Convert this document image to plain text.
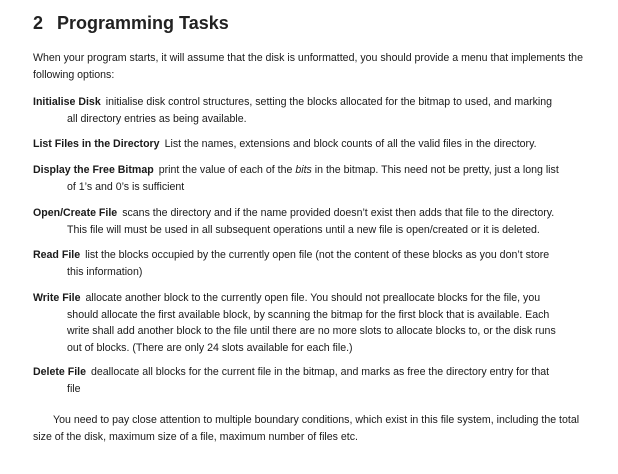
2 Programming Tasks

When your program starts, it will assume that the disk is unformatted, you should provide a menu that implements the following options:

Initialise Disk initialise disk control structures, setting the blocks allocated for the bitmap to used, and marking
all directory entries as being available.

List Files in the Directory List the names, extensions and block counts of all the valid files in the directory.

Display the Free Bitmap print the value of each of the bits in the bitmap. This need not be pretty, just a long list
of 1’s and 0’s is sufficient

Open/Create File scans the directory and if the name provided doesn’t exist then adds that file to the directory.
This file will must be used in all subsequent operations until a new file is open/created or it is deleted.

Read File list the blocks occupied by the currently open file (not the content of these blocks as you don’t store
this information)

Write File allocate another block to the currently open file. You should not preallocate blocks for the file, you
should allocate the first available block, by scanning the bitmap for the first block that is available. Each
write shall add another block to the file until there are no more slots to allocate blocks to, or the disk runs
out of blocks. (There are only 24 slots available for each file.)

Delete File deallocate all blocks for the current file in the bitmap, and marks as free the directory entry for that
file

You need to pay close attention to multiple boundary conditions, which exist in this file system, including the total size of the disk, maximum size of a file, maximum number of files etc.
